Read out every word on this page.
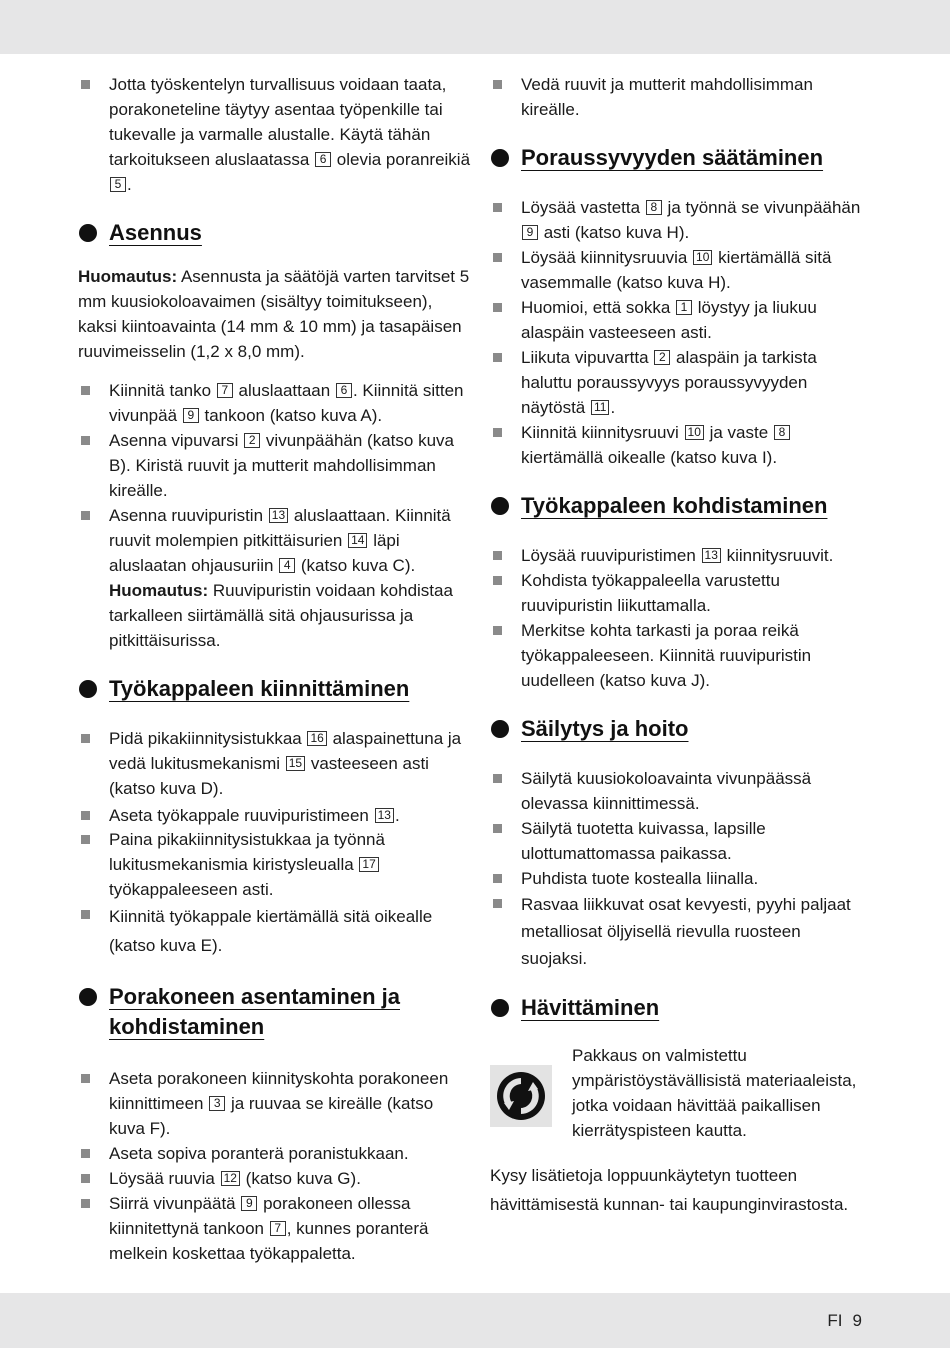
Jotta työskentelyn turvallisuus voidaan taata, porakoneteline täytyy asentaa työpenkille tai tukevalle ja varmalle alustalle. Käytä tähän tarkoitukseen aluslaatassa 6 olevia poranreikiä 5 .

Asennus

Huomautus: Asennusta ja säätöjä varten tarvitset 5 mm kuusiokoloavaimen (sisältyy toimitukseen), kaksi kiintoavainta (14 mm & 10 mm) ja tasapäisen ruuvimeisselin (1,2 x 8,0 mm).

Kiinnitä tanko 7 aluslaattaan 6 . Kiinnitä sitten vivunpää 9 tankoon (katso kuva A).

Asenna vipuvarsi 2 vivunpäähän (katso kuva B). Kiristä ruuvit ja mutterit mahdollisimman kireälle.

Asenna ruuvipuristin 13 aluslaattaan. Kiinnitä ruuvit molempien pitkittäisurien 14 läpi aluslaatan ohjausuriin 4 (katso kuva C).
Huomautus: Ruuvipuristin voidaan kohdistaa tarkalleen siirtämällä sitä ohjausurissa ja pitkittäisurissa.

Työkappaleen kiinnittäminen

Pidä pikakiinnitysistukkaa 16 alaspainettuna ja vedä lukitusmekanismi 15 vasteeseen asti (katso kuva D).

Aseta työkappale ruuvipuristimeen 13 .

Paina pikakiinnitysistukkaa ja työnnä lukitusmekanismia kiristysleualla 17 työkappaleeseen asti.

Kiinnitä työkappale kiertämällä sitä oikealle (katso kuva E).

Porakoneen asentaminen ja
kohdistaminen

Aseta porakoneen kiinnityskohta porakoneen kiinnittimeen 3 ja ruuvaa se kireälle (katso kuva F).

Aseta sopiva poranterä poranistukkaan.

Löysää ruuvia 12 (katso kuva G).

Siirrä vivunpäätä 9 porakoneen ollessa kiinnitettynä tankoon 7 , kunnes poranterä melkein koskettaa työkappaletta.

Vedä ruuvit ja mutterit mahdollisimman kireälle.

Poraussyvyyden säätäminen

Löysää vastetta 8 ja työnnä se vivunpäähän 9 asti (katso kuva H).

Löysää kiinnitysruuvia 10 kiertämällä sitä vasemmalle (katso kuva H).

Huomioi, että sokka 1 löystyy ja liukuu alaspäin vasteeseen asti.

Liikuta vipuvartta 2 alaspäin ja tarkista haluttu poraussyvyys poraussyvyyden näytöstä 11 .

Kiinnitä kiinnitysruuvi 10 ja vaste 8 kiertämällä oikealle (katso kuva I).

Työkappaleen kohdistaminen

Löysää ruuvipuristimen 13 kiinnitysruuvit.

Kohdista työkappaleella varustettu ruuvipuristin liikuttamalla.

Merkitse kohta tarkasti ja poraa reikä työkappaleeseen. Kiinnitä ruuvipuristin uudelleen (katso kuva J).

Säilytys ja hoito

Säilytä kuusiokoloavainta vivunpäässä olevassa kiinnittimessä.

Säilytä tuotetta kuivassa, lapsille ulottumattomassa paikassa.

Puhdista tuote kostealla liinalla.

Rasvaa liikkuvat osat kevyesti, pyyhi paljaat metalliosat öljyisellä rievulla ruosteen suojaksi.

Hävittäminen
Pakkaus on valmistettu ympäristöystävällisistä materiaaleista, jotka voidaan hävittää paikallisen kierrätyspisteen kautta.

Kysy lisätietoja loppuunkäytetyn tuotteen hävittämisestä kunnan- tai kaupunginvirastosta.

FI 9
